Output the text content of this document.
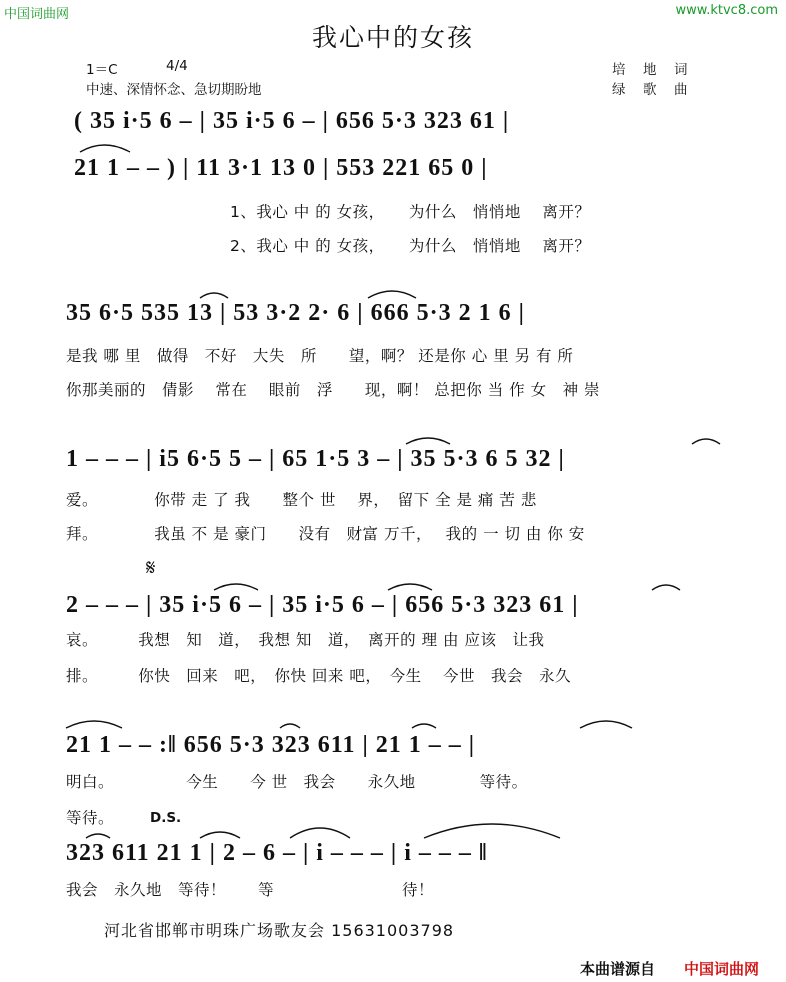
中国词曲网	www.ktvc8.com
我心中的女孩
1＝C	4/4
中速、深情怀念、急切期盼地
培　地　词
绿　歌　曲
( 35 i·5 6 – | 35 i·5 6 – | 656 5·3 323 61 |
21 1 – – ) | 11 3·1 13 0 | 553 221 65 0 |
1、我心 中 的 女孩，　　为什么　悄悄地　 离开？
2、我心 中 的 女孩，　　为什么　悄悄地　 离开？
35 6·5 535 13 | 53 3·2 2· 6 | 666 5·3 2 1 6 |
是我 哪 里　做得　不好　大失　所　　望，啊？ 还是你 心 里 另 有 所
你那美丽的　倩影　 常在　 眼前　浮　　现，啊！ 总把你 当 作 女　神 崇
1 – – – | i5 6·5 5 – | 65 1·5 3 – | 35 5·3 6 5 32 |
爱。　　　　你带 走 了 我　　整个 世　 界，　留下 全 是 痛 苦 悲
拜。　　　　我虽 不 是 豪门　　没有　财富 万千，　 我的 一 切 由 你 安
𝄋
2 – – – | 35 i·5 6 – | 35 i·5 6 – | 656 5·3 323 61 |
哀。　　　我想　知　道，　我想 知　道，　离开的 理 由 应该　让我
排。　　　你快　回来　吧，　你快 回来 吧，　今生　 今世　我会　永久
21 1 – – :‖ 656 5·3 323 611 | 21 1 – – |
明白。　　　　　今生　　今 世　我会　　永久地　　　　等待。
等待。	D.S.
323 611 21 1 | 2 – 6 – | i – – – | i – – – ‖
我会　永久地　等待！　　等　　　　　　　　待！
河北省邯郸市明珠广场歌友会 15631003798
本曲谱源自 中国词曲网
